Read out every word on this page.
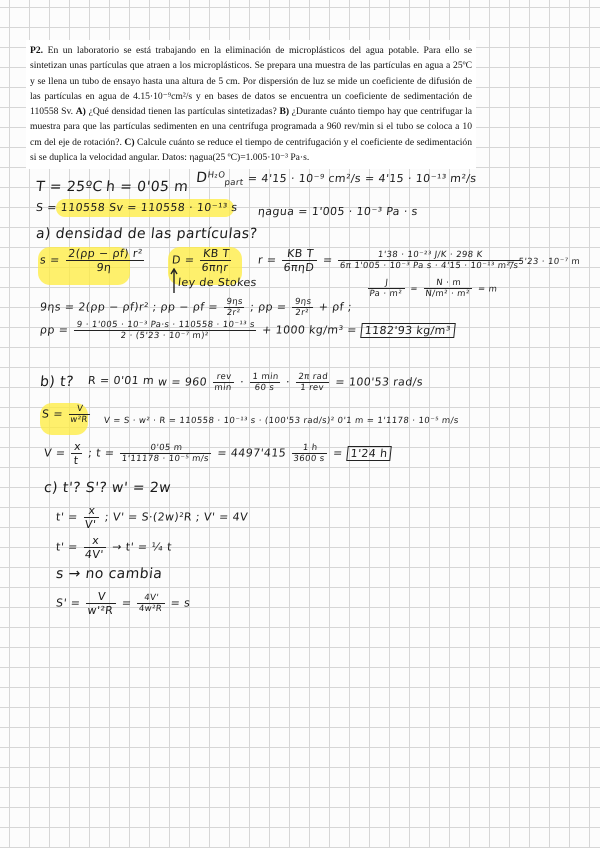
P2. En un laboratorio se está trabajando en la eliminación de microplásticos del agua potable. Para ello se sintetizan unas partículas que atraen a los microplásticos. Se prepara una muestra de las partículas en agua a 25ºC y se llena un tubo de ensayo hasta una altura de 5 cm. Por dispersión de luz se mide un coeficiente de difusión de las partículas en agua de 4.15·10⁻⁹cm²/s y en bases de datos se encuentra un coeficiente de sedimentación de 110558 Sv. A) ¿Qué densidad tienen las partículas sintetizadas? B) ¿Durante cuánto tiempo hay que centrifugar la muestra para que las partículas sedimenten en una centrífuga programada a 960 rev/min si el tubo se coloca a 10 cm del eje de rotación?. C) Calcule cuánto se reduce el tiempo de centrifugación y el coeficiente de sedimentación si se duplica la velocidad angular. Datos: ηagua(25 ºC)=1.005·10⁻³ Pa·s.
T = 25ºC h = 0'05 m
$D^{H_2O}_{part} = 4'15 \cdot 10^{-9}$ cm²/s = 4'15 · 10⁻¹³ m²/s
S = 110558 Sv = 110558 · 10⁻¹³ s ηagua = 1'005 · 10⁻³ Pa · s
a) densidad de las partículas?
$s = \frac{\text{2(ρp − ρf) r²}}{9\eta}$ $D = \frac{\text{KB T}}{\text{6πηr}}$ $r = \frac{\text{KB T}}{\text{6πηD}} = \frac{\text{1'38 · 10⁻²³ J/K · 298 K}}{\text{6π 1'005 · 10⁻³ Pa s · 4'15 · 10⁻¹³ m²/s}}$
= 5'23 · 10⁻⁷ m
ley de Stokes	$\frac{J}{\text{Pa · m²}} = \frac{N \cdot m}{\text{N/m² · m²}} = m$
9ηs = 2(ρp − ρf)r² ; $\rho p - \rho f = \frac{9\eta s}{\text{2r²}}$ ; $\rho p = \frac{9\eta s}{\text{2r²}} + \rho f$ ;
$\rho p = \frac{\text{9 · 1'005 · 10⁻³ Pa·s · 110558 · 10⁻¹³ s}}{\text{2 · (5'23 · 10⁻⁷ m)²}} + 1000$ kg/m³ = 1182'93 kg/m³
b) t? R = 0'01 m $w = 960 \frac{\text{rev}}{\min} \cdot \frac{1 \min}{60 s} \cdot \frac{\text{2π rad}}{\text{1 rev}} = 100'53$ rad/s
$S = \frac{V}{\text{w²R}}$ V = S · w² · R = 110558 · 10⁻¹³ s · (100'53 rad/s)² 0'1 m = 1'1178 · 10⁻⁵ m/s
$V = \frac{x}{t}$ ; $t = \frac{0'05 m}{\text{1'11178 · 10⁻⁵ m/s}} = 4497'415 \frac{1 h}{3600 s} = 1'24$ h
c) t'? S'? w' = 2w
$t' = \frac{x}{V'}$ ; V' = S·(2w)²R ; V' = 4V
$t' = \frac{x}{4V'} \to t'$ = ¹⁄₄ t
s → no cambia
$S' = \frac{V}{\text{w'²R}} = \frac{4V'}{\text{4w²R}} = s$
